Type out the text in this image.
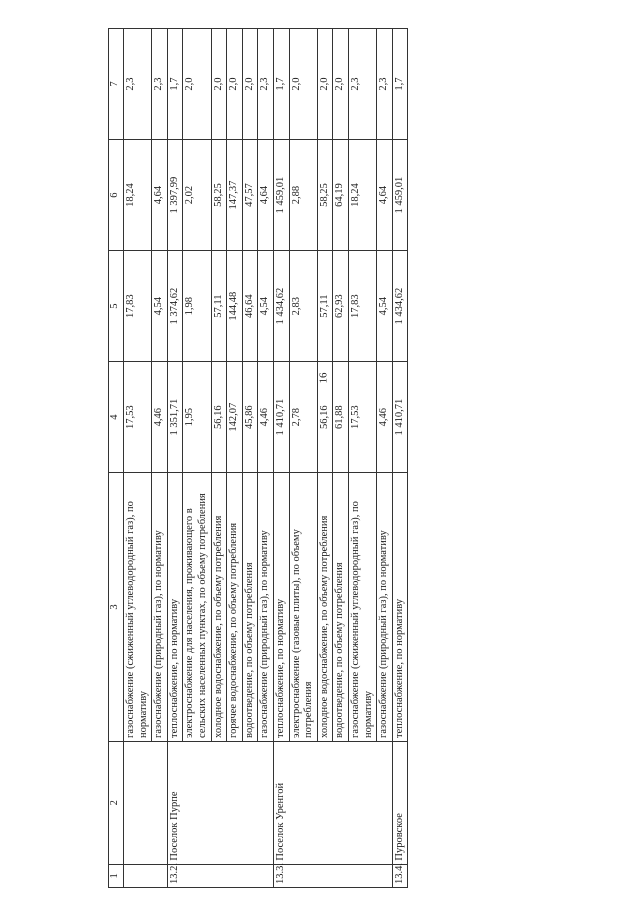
16
1	2	3	4	5	6	7
		газоснабжение (сжиженный углеводородный газ), по нормативу	17,53	17,83	18,24	2,3
		газоснабжение (природный газ), по нормативу	4,46	4,54	4,64	2,3
13.2.	Поселок Пурпе	теплоснабжение, по нормативу	1 351,71	1 374,62	1 397,99	1,7
		электроснабжение для населения, проживающего в сельских населенных пунктах, по объему потребления	1,95	1,98	2,02	2,0
		холодное водоснабжение, по объему потребления	56,16	57,11	58,25	2,0
		горячее водоснабжение, по объему потребления	142,07	144,48	147,37	2,0
		водоотведение, по объему потребления	45,86	46,64	47,57	2,0
		газоснабжение (природный газ), по нормативу	4,46	4,54	4,64	2,3
13.3.	Поселок Уренгой	теплоснабжение, по нормативу	1 410,71	1 434,62	1 459,01	1,7
		электроснабжение (газовые плиты), по объему потребления	2,78	2,83	2,88	2,0
		холодное водоснабжение, по объему потребления	56,16	57,11	58,25	2,0
		водоотведение, по объему потребления	61,88	62,93	64,19	2,0
		газоснабжение (сжиженный углеводородный газ), по нормативу	17,53	17,83	18,24	2,3
		газоснабжение (природный газ), по нормативу	4,46	4,54	4,64	2,3
13.4.	Пуровское	теплоснабжение, по нормативу	1 410,71	1 434,62	1 459,01	1,7
